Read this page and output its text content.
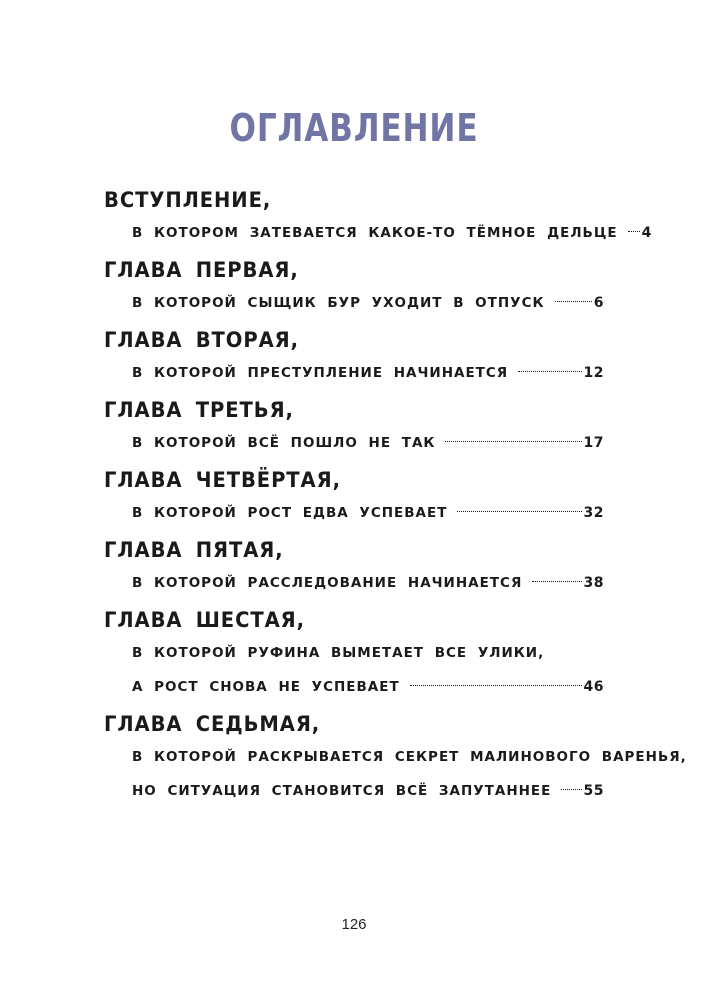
ОГЛАВЛЕНИЕ
ВСТУПЛЕНИЕ,
В КОТОРОМ ЗАТЕВАЕТСЯ КАКОЕ-ТО ТЁМНОЕ ДЕЛЬЦЕ 4
ГЛАВА ПЕРВАЯ,
В КОТОРОЙ СЫЩИК БУР УХОДИТ В ОТПУСК	6
ГЛАВА ВТОРАЯ,
В КОТОРОЙ ПРЕСТУПЛЕНИЕ НАЧИНАЕТСЯ	12
ГЛАВА ТРЕТЬЯ,
В КОТОРОЙ ВСЁ ПОШЛО НЕ ТАК	17
ГЛАВА ЧЕТВЁРТАЯ,
В КОТОРОЙ РОСТ ЕДВА УСПЕВАЕТ	32
ГЛАВА ПЯТАЯ,
В КОТОРОЙ РАССЛЕДОВАНИЕ НАЧИНАЕТСЯ	38
ГЛАВА ШЕСТАЯ,
В КОТОРОЙ РУФИНА ВЫМЕТАЕТ ВСЕ УЛИКИ,
А РОСТ СНОВА НЕ УСПЕВАЕТ	46
ГЛАВА СЕДЬМАЯ,
В КОТОРОЙ РАСКРЫВАЕТСЯ СЕКРЕТ МАЛИНОВОГО ВАРЕНЬЯ,
НО СИТУАЦИЯ СТАНОВИТСЯ ВСЁ ЗАПУТАННЕЕ 55
126
